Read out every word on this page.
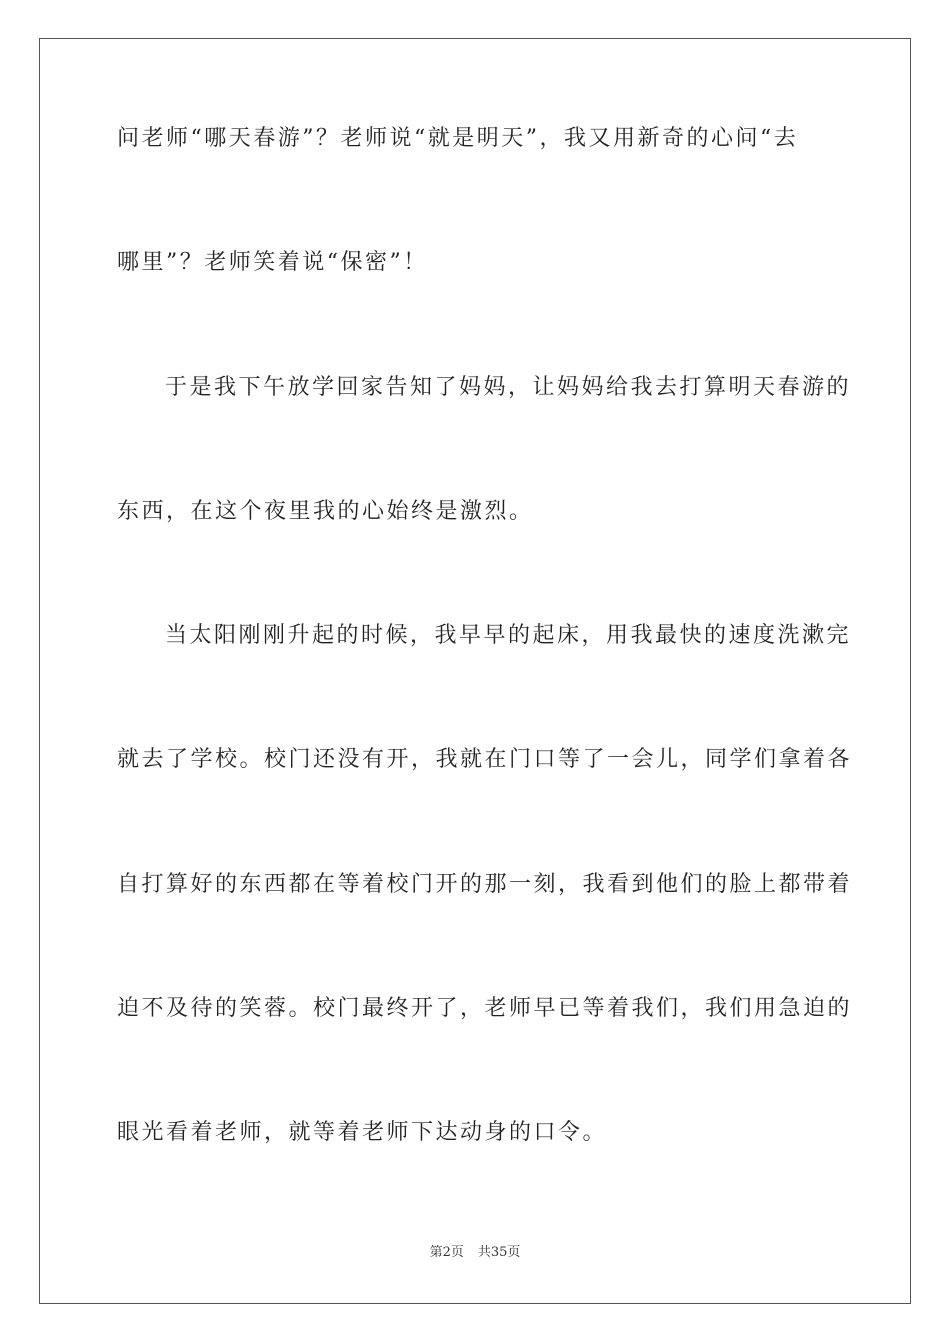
问老师“哪天春游”？老师说“就是明天”，我又用新奇的心问“去
哪里”？老师笑着说“保密”！
于是我下午放学回家告知了妈妈，让妈妈给我去打算明天春游的
东西，在这个夜里我的心始终是激烈。
当太阳刚刚升起的时候，我早早的起床，用我最快的速度洗漱完
就去了学校。校门还没有开，我就在门口等了一会儿，同学们拿着各
自打算好的东西都在等着校门开的那一刻，我看到他们的脸上都带着
迫不及待的笑蓉。校门最终开了，老师早已等着我们，我们用急迫的
眼光看着老师，就等着老师下达动身的口令。
第2页 共35页
